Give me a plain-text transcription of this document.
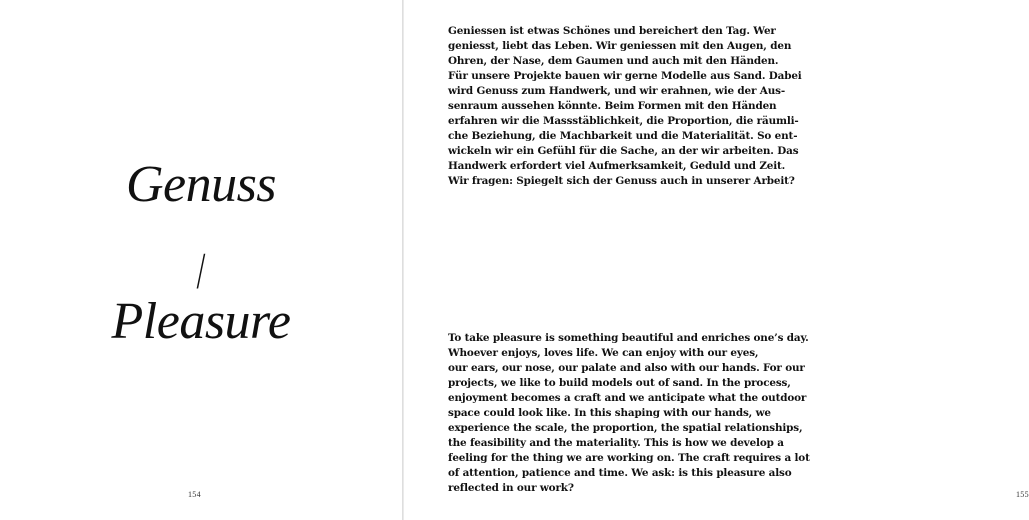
Genuss
/
Pleasure
154	155
Geniessen ist etwas Schönes und bereichert den Tag. Wer
geniesst, liebt das Leben. Wir geniessen mit den Augen, den
Ohren, der Nase, dem Gaumen und auch mit den Händen.
Für unsere Projekte bauen wir gerne Modelle aus Sand. Dabei
wird Genuss zum Handwerk, und wir erahnen, wie der Aus-
senraum aussehen könnte. Beim Formen mit den Händen
erfahren wir die Massstäblichkeit, die Proportion, die räumli-
che Beziehung, die Machbarkeit und die Materialität. So ent-
wickeln wir ein Gefühl für die Sache, an der wir arbeiten. Das
Handwerk erfordert viel Aufmerksamkeit, Geduld und Zeit.
Wir fragen: Spiegelt sich der Genuss auch in unserer Arbeit?
To take pleasure is something beautiful and enriches one’s day.
Whoever enjoys, loves life. We can enjoy with our eyes,
our ears, our nose, our palate and also with our hands. For our
projects, we like to build models out of sand. In the process,
enjoyment becomes a craft and we anticipate what the outdoor
space could look like. In this shaping with our hands, we
experience the scale, the proportion, the spatial relationships,
the feasibility and the materiality. This is how we develop a
feeling for the thing we are working on. The craft requires a lot
of attention, patience and time. We ask: is this pleasure also
reflected in our work?
